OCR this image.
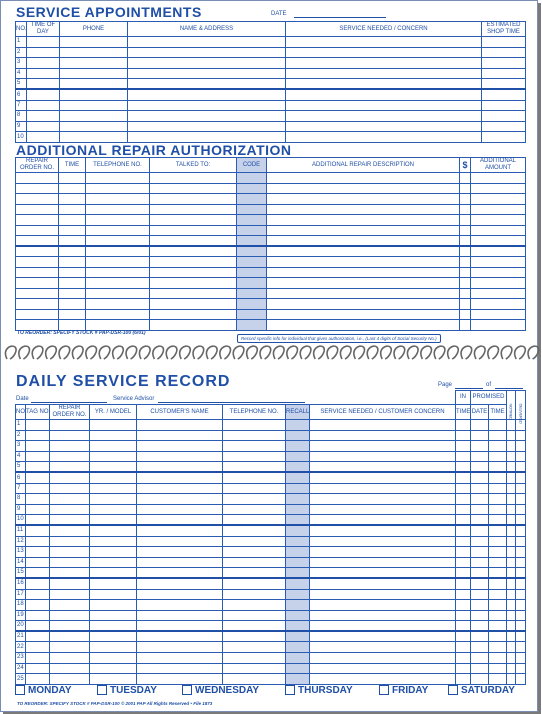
SERVICE APPOINTMENTS	DATE
NO.	TIME OF DAY	PHONE	NAME & ADDRESS	SERVICE NEEDED / CONCERN	ESTIMATED SHOP TIME
1					
2					
3					
4					
5					
6					
7					
8					
9					
10					
ADDITIONAL REPAIR AUTHORIZATION
REPAIR ORDER NO.	TIME	TELEPHONE NO.	TALKED TO:	CODE	ADDITIONAL REPAIR DESCRIPTION	$	ADDITIONAL AMOUNT

TO REORDER: SPECIFY STOCK # PAP-DSR-100 (6/01)
Record specific info for individual that gives authorization, i.e., (Last 4 digits of Social Security No.)
DAILY SERVICE RECORD	Page	of
Date	Service Advisor
								IN	PROMISED		NOTIFIED	DELIVERED

NO.	TAG NO.	REPAIR ORDER NO.	YR. / MODEL	CUSTOMER'S NAME	TELEPHONE NO.	RECALL	SERVICE NEEDED / CUSTOMER CONCERN	TIME	DATE	TIME		
1												
2												
3												
4												
5												
6												
7												
8												
9												
10												
11												
12												
13												
14												
15												
16												
17												
18												
19												
20												
21												
22												
23												
24												
25												
TO REORDER: SPECIFY STOCK # PAP-DSR-100 © 2001 PAP All Rights Reserved • File 1873
MONDAY	TUESDAY	WEDNESDAY	THURSDAY	FRIDAY	SATURDAY
